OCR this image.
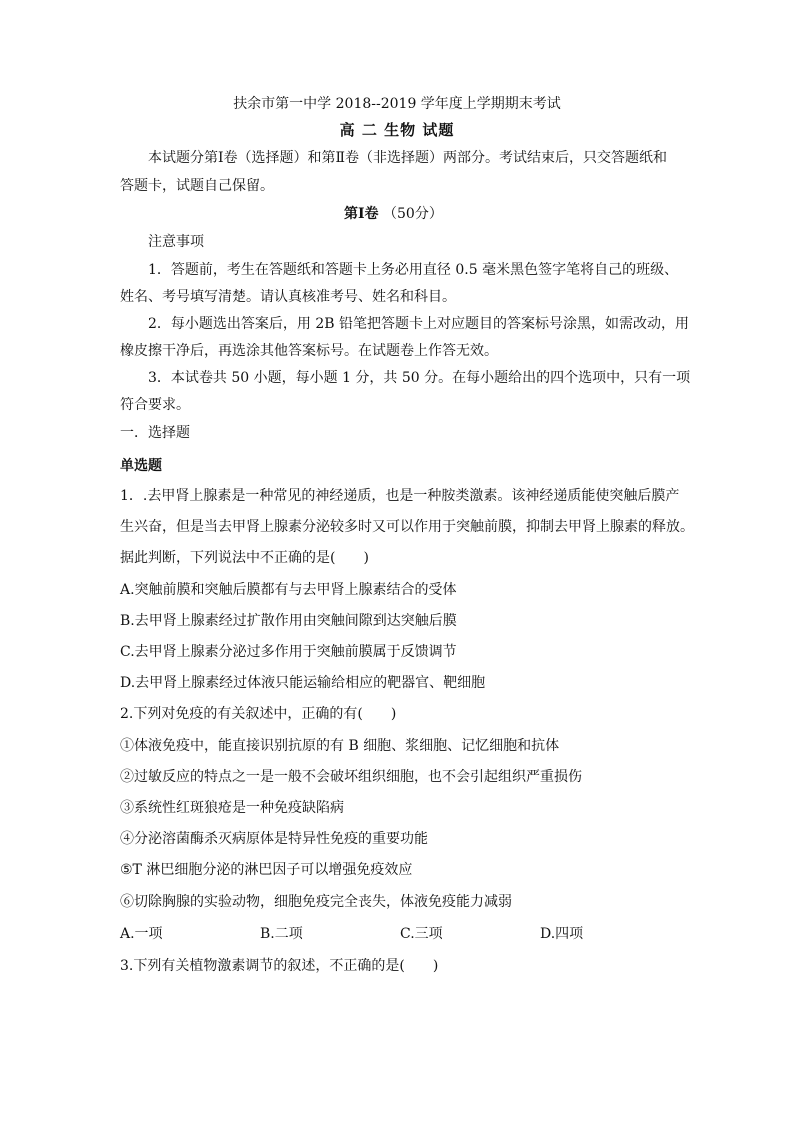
扶余市第一中学 2018--2019 学年度上学期期末考试
高 二 生物 试题
本试题分第Ⅰ卷（选择题）和第Ⅱ卷（非选择题）两部分。考试结束后，只交答题纸和
答题卡，试题自己保留。
第Ⅰ卷 （50分）
注意事项
1．答题前，考生在答题纸和答题卡上务必用直径 0.5 毫米黑色签字笔将自己的班级、
姓名、考号填写清楚。请认真核准考号、姓名和科目。
2．每小题选出答案后，用 2B 铅笔把答题卡上对应题目的答案标号涂黑，如需改动，用
橡皮擦干净后，再选涂其他答案标号。在试题卷上作答无效。
3．本试卷共 50 小题，每小题 1 分，共 50 分。在每小题给出的四个选项中，只有一项
符合要求。
一．选择题
单选题
1．.去甲肾上腺素是一种常见的神经递质，也是一种胺类激素。该神经递质能使突触后膜产
生兴奋，但是当去甲肾上腺素分泌较多时又可以作用于突触前膜，抑制去甲肾上腺素的释放。
据此判断，下列说法中不正确的是(　　)
A.突触前膜和突触后膜都有与去甲肾上腺素结合的受体
B.去甲肾上腺素经过扩散作用由突触间隙到达突触后膜
C.去甲肾上腺素分泌过多作用于突触前膜属于反馈调节
D.去甲肾上腺素经过体液只能运输给相应的靶器官、靶细胞
2.下列对免疫的有关叙述中，正确的有(　　)
①体液免疫中，能直接识别抗原的有 B 细胞、浆细胞、记忆细胞和抗体
②过敏反应的特点之一是一般不会破坏组织细胞，也不会引起组织严重损伤
③系统性红斑狼疮是一种免疫缺陷病
④分泌溶菌酶杀灭病原体是特异性免疫的重要功能
⑤T 淋巴细胞分泌的淋巴因子可以增强免疫效应
⑥切除胸腺的实验动物，细胞免疫完全丧失，体液免疫能力减弱
A.一项	B.二项	C.三项	D.四项
3.下列有关植物激素调节的叙述，不正确的是(　　)
